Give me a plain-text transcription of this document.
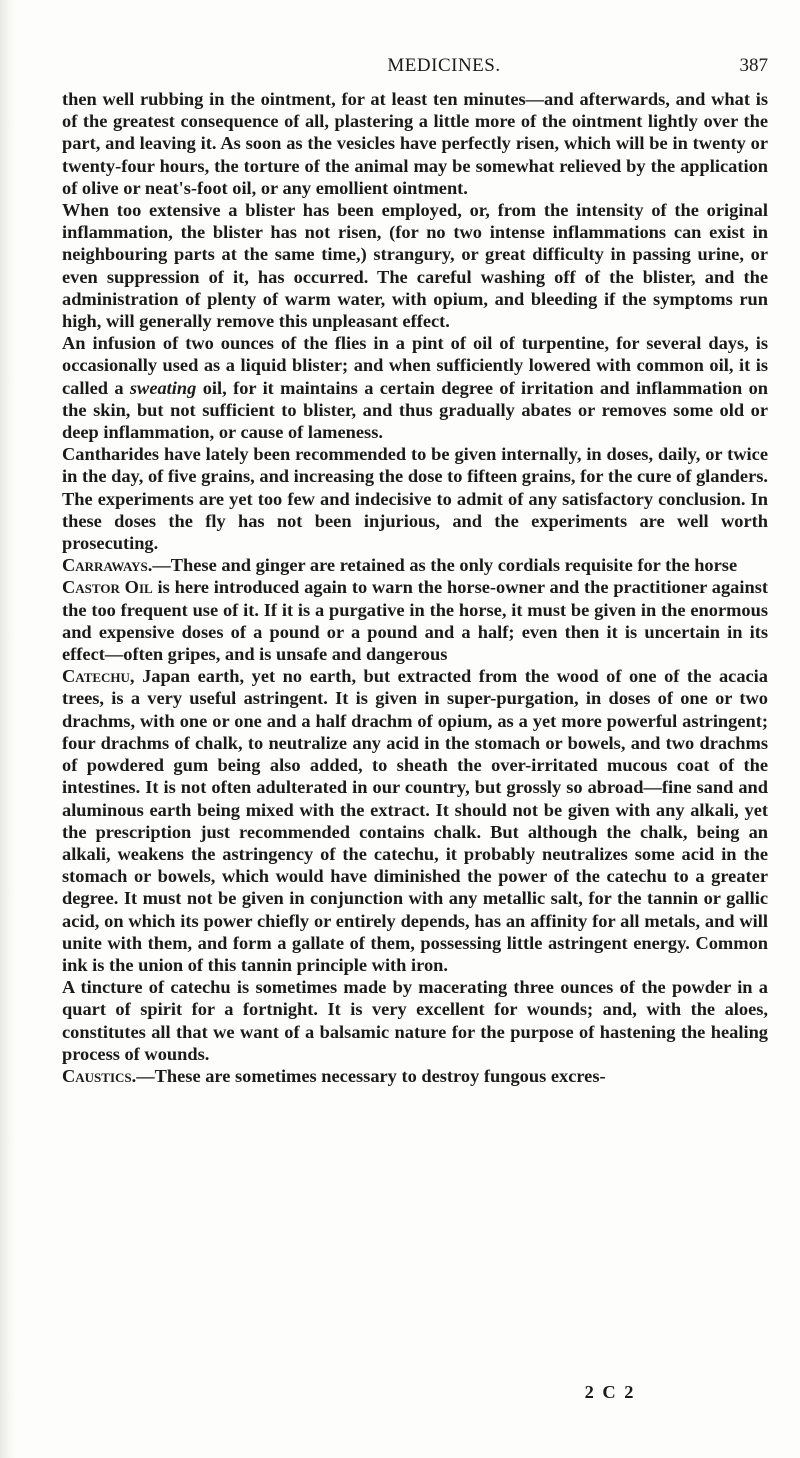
MEDICINES.	387

then well rubbing in the ointment, for at least ten minutes—and afterwards, and what is of the greatest consequence of all, plastering a little more of the ointment lightly over the part, and leaving it. As soon as the vesicles have perfectly risen, which will be in twenty or twenty-four hours, the torture of the animal may be somewhat relieved by the application of olive or neat's-foot oil, or any emollient ointment.

When too extensive a blister has been employed, or, from the intensity of the original inflammation, the blister has not risen, (for no two intense inflammations can exist in neighbouring parts at the same time,) strangury, or great difficulty in passing urine, or even suppression of it, has occurred. The careful washing off of the blister, and the administration of plenty of warm water, with opium, and bleeding if the symptoms run high, will generally remove this unpleasant effect.

An infusion of two ounces of the flies in a pint of oil of turpentine, for several days, is occasionally used as a liquid blister; and when sufficiently lowered with common oil, it is called a sweating oil, for it maintains a certain degree of irritation and inflammation on the skin, but not sufficient to blister, and thus gradually abates or removes some old or deep inflammation, or cause of lameness.

Cantharides have lately been recommended to be given internally, in doses, daily, or twice in the day, of five grains, and increasing the dose to fifteen grains, for the cure of glanders. The experiments are yet too few and indecisive to admit of any satisfactory conclusion. In these doses the fly has not been injurious, and the experiments are well worth prosecuting.

Carraways.—These and ginger are retained as the only cordials requisite for the horse

Castor Oil is here introduced again to warn the horse-owner and the practitioner against the too frequent use of it. If it is a purgative in the horse, it must be given in the enormous and expensive doses of a pound or a pound and a half; even then it is uncertain in its effect—often gripes, and is unsafe and dangerous

Catechu, Japan earth, yet no earth, but extracted from the wood of one of the acacia trees, is a very useful astringent. It is given in super-purgation, in doses of one or two drachms, with one or one and a half drachm of opium, as a yet more powerful astringent; four drachms of chalk, to neutralize any acid in the stomach or bowels, and two drachms of powdered gum being also added, to sheath the over-irritated mucous coat of the intestines. It is not often adulterated in our country, but grossly so abroad—fine sand and aluminous earth being mixed with the extract. It should not be given with any alkali, yet the prescription just recommended contains chalk. But although the chalk, being an alkali, weakens the astringency of the catechu, it probably neutralizes some acid in the stomach or bowels, which would have diminished the power of the catechu to a greater degree. It must not be given in conjunction with any metallic salt, for the tannin or gallic acid, on which its power chiefly or entirely depends, has an affinity for all metals, and will unite with them, and form a gallate of them, possessing little astringent energy. Common ink is the union of this tannin principle with iron.

A tincture of catechu is sometimes made by macerating three ounces of the powder in a quart of spirit for a fortnight. It is very excellent for wounds; and, with the aloes, constitutes all that we want of a balsamic nature for the purpose of hastening the healing process of wounds.

Caustics.—These are sometimes necessary to destroy fungous excres-

2 C 2
